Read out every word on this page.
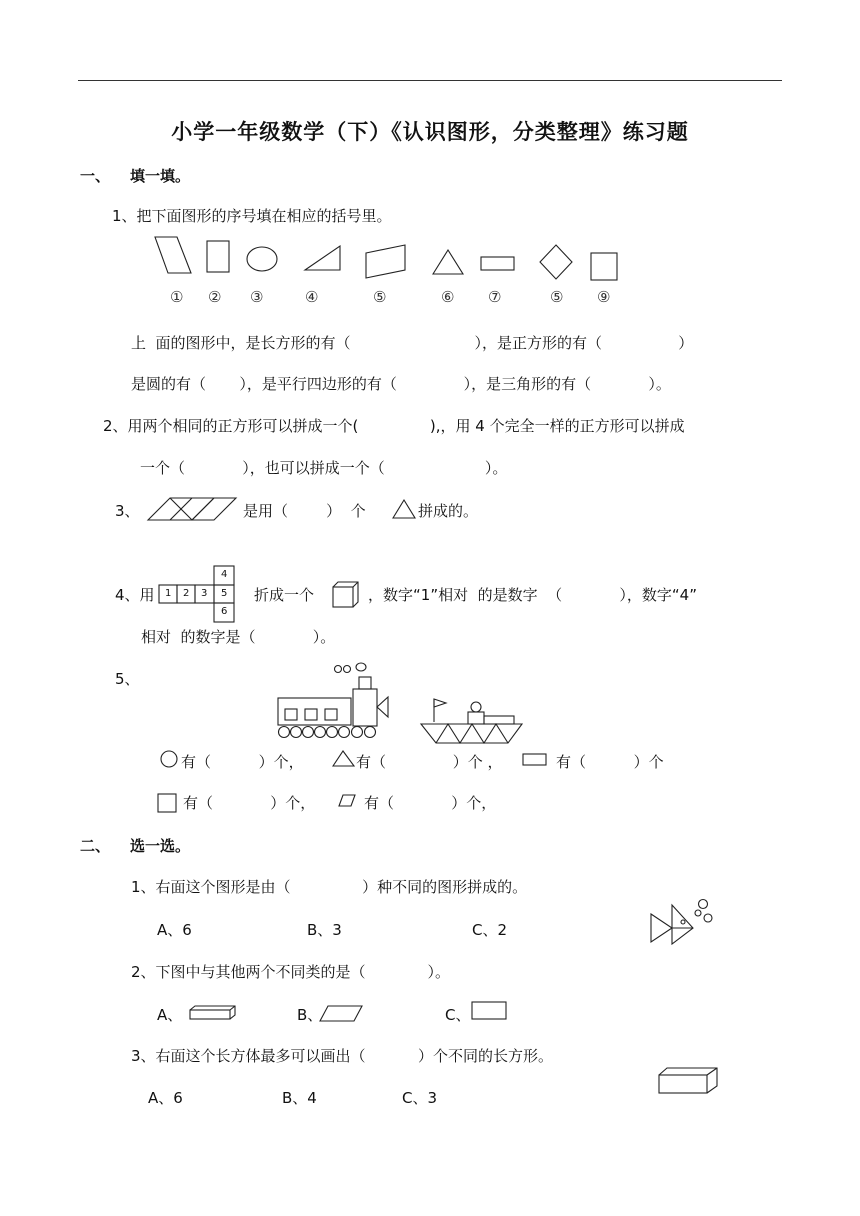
小学一年级数学（下）《认识图形，分类整理》练习题
一、 填一填。
1、把下面图形的序号填在相应的括号里。
① ② ③	④	⑤	⑥ ⑦	⑤ ⑨
上  面的图形中，是长方形的有（                          ），是正方形的有（                ）
是圆的有（       ），是平行四边形的有（              ），是三角形的有（            ）。
2、用两个相同的正方形可以拼成一个(               ),，用 4 个完全一样的正方形可以拼成
一个（            ），也可以拼成一个（                     ）。
3、	是用（        ）  个	拼成的。
4、用 1 2 3
4
5
6
折成一个	，数字“1”相对  的是数字  （            ），数字“4”
相对  的数字是（            ）。
5、
有（          ）个，	有（              ）个 ，	有（          ）个
有（            ）个，	有（            ）个，
二、 选一选。
1、右面这个图形是由（               ）种不同的图形拼成的。
A、6	B、3	C、2
2、下图中与其他两个不同类的是（             ）。
A、	B、	C、
3、右面这个长方体最多可以画出（           ）个不同的长方形。
A、6	B、4	C、3
